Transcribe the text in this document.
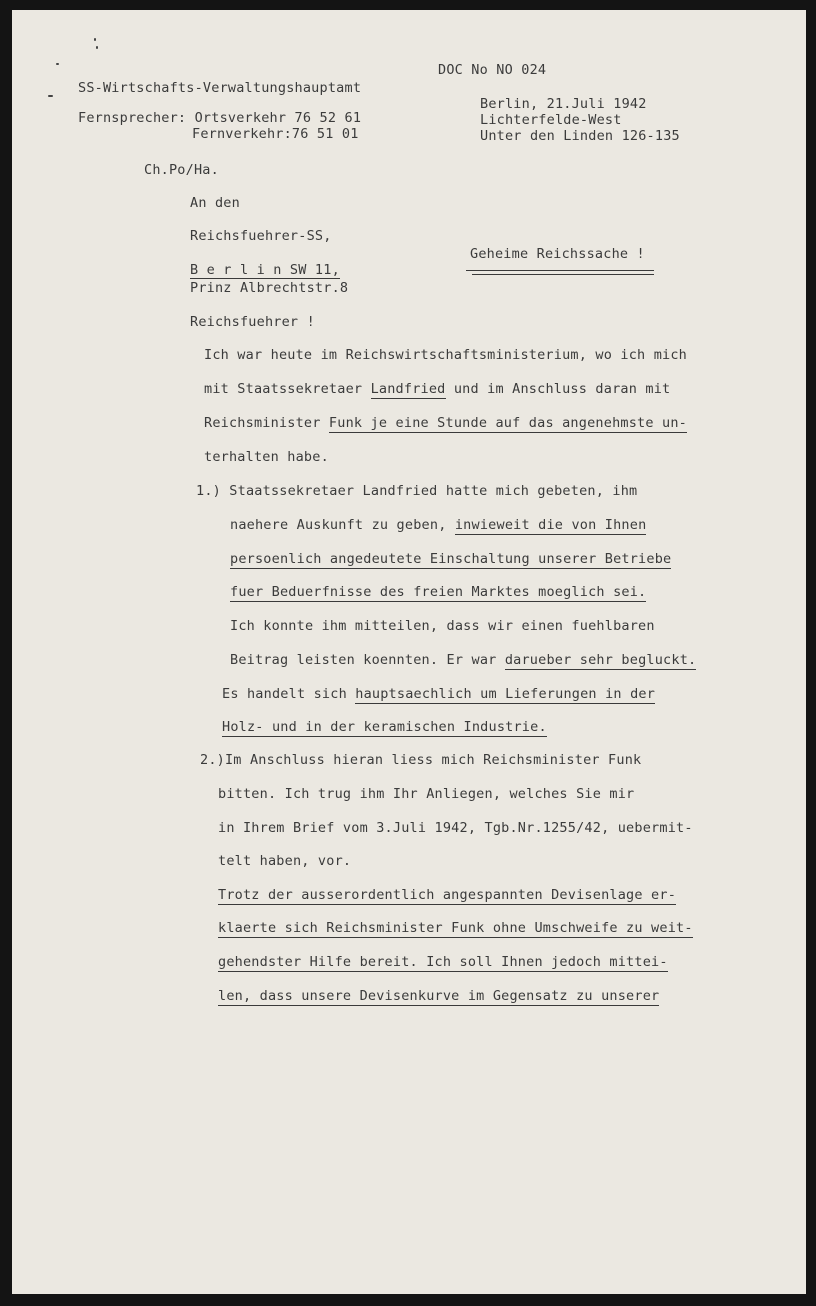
DOC No NO 024
SS-Wirtschafts-Verwaltungshauptamt
Fernsprecher: Ortsverkehr 76 52 61
Fernverkehr:76 51 01
Berlin, 21.Juli 1942
Lichterfelde-West
Unter den Linden 126-135
Ch.Po/Ha.
An den
Reichsfuehrer-SS,
B e r l i n SW 11,
Prinz Albrechtstr.8
Geheime Reichssache !
Reichsfuehrer !
Ich war heute im Reichswirtschaftsministerium, wo ich mich
mit Staatssekretaer Landfried und im Anschluss daran mit
Reichsminister Funk je eine Stunde auf das angenehmste un-
terhalten habe.
1.) Staatssekretaer Landfried hatte mich gebeten, ihm
naehere Auskunft zu geben, inwieweit die von Ihnen
persoenlich angedeutete Einschaltung unserer Betriebe
fuer Beduerfnisse des freien Marktes moeglich sei.
Ich konnte ihm mitteilen, dass wir einen fuehlbaren
Beitrag leisten koennten. Er war darueber sehr begluckt.
Es handelt sich hauptsaechlich um Lieferungen in der
Holz- und in der keramischen Industrie.
2.)Im Anschluss hieran liess mich Reichsminister Funk
bitten. Ich trug ihm Ihr Anliegen, welches Sie mir
in Ihrem Brief vom 3.Juli 1942, Tgb.Nr.1255/42, uebermit-
telt haben, vor.
Trotz der ausserordentlich angespannten Devisenlage er-
klaerte sich Reichsminister Funk ohne Umschweife zu weit-
gehendster Hilfe bereit. Ich soll Ihnen jedoch mittei-
len, dass unsere Devisenkurve im Gegensatz zu unserer
